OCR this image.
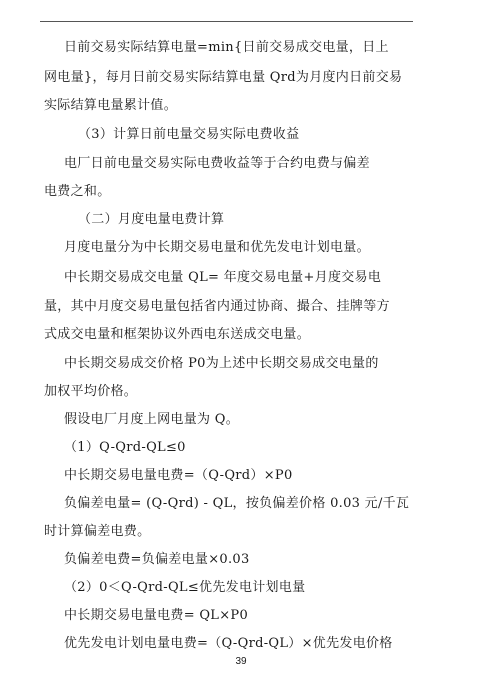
日前交易实际结算电量=min{日前交易成交电量，日上
网电量}，每月日前交易实际结算电量 Qrd为月度内日前交易
实际结算电量累计值。
（3）计算日前电量交易实际电费收益
电厂日前电量交易实际电费收益等于合约电费与偏差
电费之和。
（二）月度电量电费计算
月度电量分为中长期交易电量和优先发电计划电量。
中长期交易成交电量 QL= 年度交易电量+月度交易电
量，其中月度交易电量包括省内通过协商、撮合、挂牌等方
式成交电量和框架协议外西电东送成交电量。
中长期交易成交价格 P0为上述中长期交易成交电量的
加权平均价格。
假设电厂月度上网电量为 Q。
（1）Q-Qrd-QL≤0
中长期交易电量电费=（Q-Qrd）×P0
负偏差电量= (Q-Qrd) - QL，按负偏差价格 0.03 元/千瓦
时计算偏差电费。
负偏差电费=负偏差电量×0.03
（2）0＜Q-Qrd-QL≤优先发电计划电量
中长期交易电量电费= QL×P0
优先发电计划电量电费=（Q-Qrd-QL）×优先发电价格
39
